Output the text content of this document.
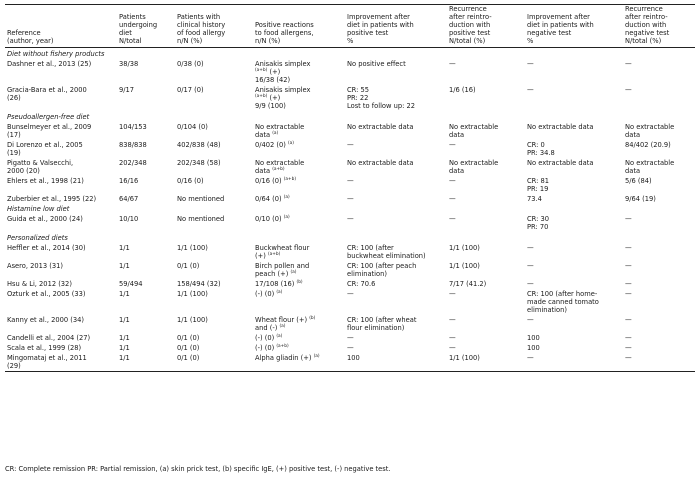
Reference
(author, year)	Patients
undergoing
diet
N/total	Patients with
clinical history
of food allergy
n/N (%)	Positive reactions
to food allergens,
n/N (%)	Improvement after
diet in patients with
positive test
%	Recurrence
after reintro-
duction with
positive test
N/total (%)	Improvement after
diet in patients with
negative test
%	Recurrence
after reintro-
duction with
negative test
N/total (%)
Diet without fishery products							
Dashner et al., 2013 (25)	38/38	0/38 (0)	Anisakis simplex
$^{(a+b)}$ (+)
16/38 (42)	No positive effect	—	—	—
Gracia-Bara et al., 2000
(26)	9/17	0/17 (0)	Anisakis simplex
$^{(a+b)}$ (+)
9/9 (100)	CR: 55
PR: 22
Lost to follow up: 22	1/6 (16)	—	—
Pseudoallergen-free diet							
Bunselmeyer et al., 2009
(17)	104/153	0/104 (0)	No extractable
data $^{(a)}$	No extractable data	No extractable
data	No extractable data	No extractable
data
Di Lorenzo et al., 2005
(19)	838/838	402/838 (48)	0/402 (0) $^{(a)}$	—	—	CR: 0
PR: 34.8	84/402 (20.9)
Pigatto & Valsecchi,
2000 (20)	202/348	202/348 (58)	No extractable
data $^{(a+b)}$	No extractable data	No extractable
data	No extractable data	No extractable
data
Ehlers et al., 1998 (21)	16/16	0/16 (0)	0/16 (0) $^{(a+b)}$	—	—	CR: 81
PR: 19	5/6 (84)
Zuberbier et al., 1995 (22)	64/67	No mentioned	0/64 (0) $^{(a)}$	—	—	73.4	9/64 (19)
Histamine low diet							
Guida et al., 2000 (24)	10/10	No mentioned	0/10 (0) $^{(a)}$	—	—	CR: 30
PR: 70	—
Personalized diets							
Heffler et al., 2014 (30)	1/1	1/1 (100)	Buckwheat flour
(+) $^{(a+b)}$	CR: 100 (after
buckwheat elimination)	1/1 (100)	—	—
Asero, 2013 (31)	1/1	0/1 (0)	Birch pollen and
peach (+) $^{(a)}$	CR: 100 (after peach
elimination)	1/1 (100)	—	—
Hsu & Li, 2012 (32)	59/494	158/494 (32)	17/108 (16) $^{(b)}$	CR: 70.6	7/17 (41.2)	—	—
Ozturk et al., 2005 (33)	1/1	1/1 (100)	(-) (0) $^{(a)}$	—	—	CR: 100 (after home-
made canned tomato
elimination)	—
Kanny et al., 2000 (34)	1/1	1/1 (100)	Wheat flour (+) $^{(b)}$
and (-) $^{(a)}$	CR: 100 (after wheat
flour elimination)	—	—	—
Candelli et al., 2004 (27)	1/1	0/1 (0)	(-) (0) $^{(a)}$	—	—	100	—
Scala et al., 1999 (28)	1/1	0/1 (0)	(-) (0) $^{(a+b)}$	—	—	100	—
Mingomataj et al., 2011
(29)	1/1	0/1 (0)	Alpha gliadin (+) $^{(a)}$	100	1/1 (100)	—	—
CR: Complete remission PR: Partial remission, (a) skin prick test, (b) specific IgE, (+) positive test, (-) negative test.
